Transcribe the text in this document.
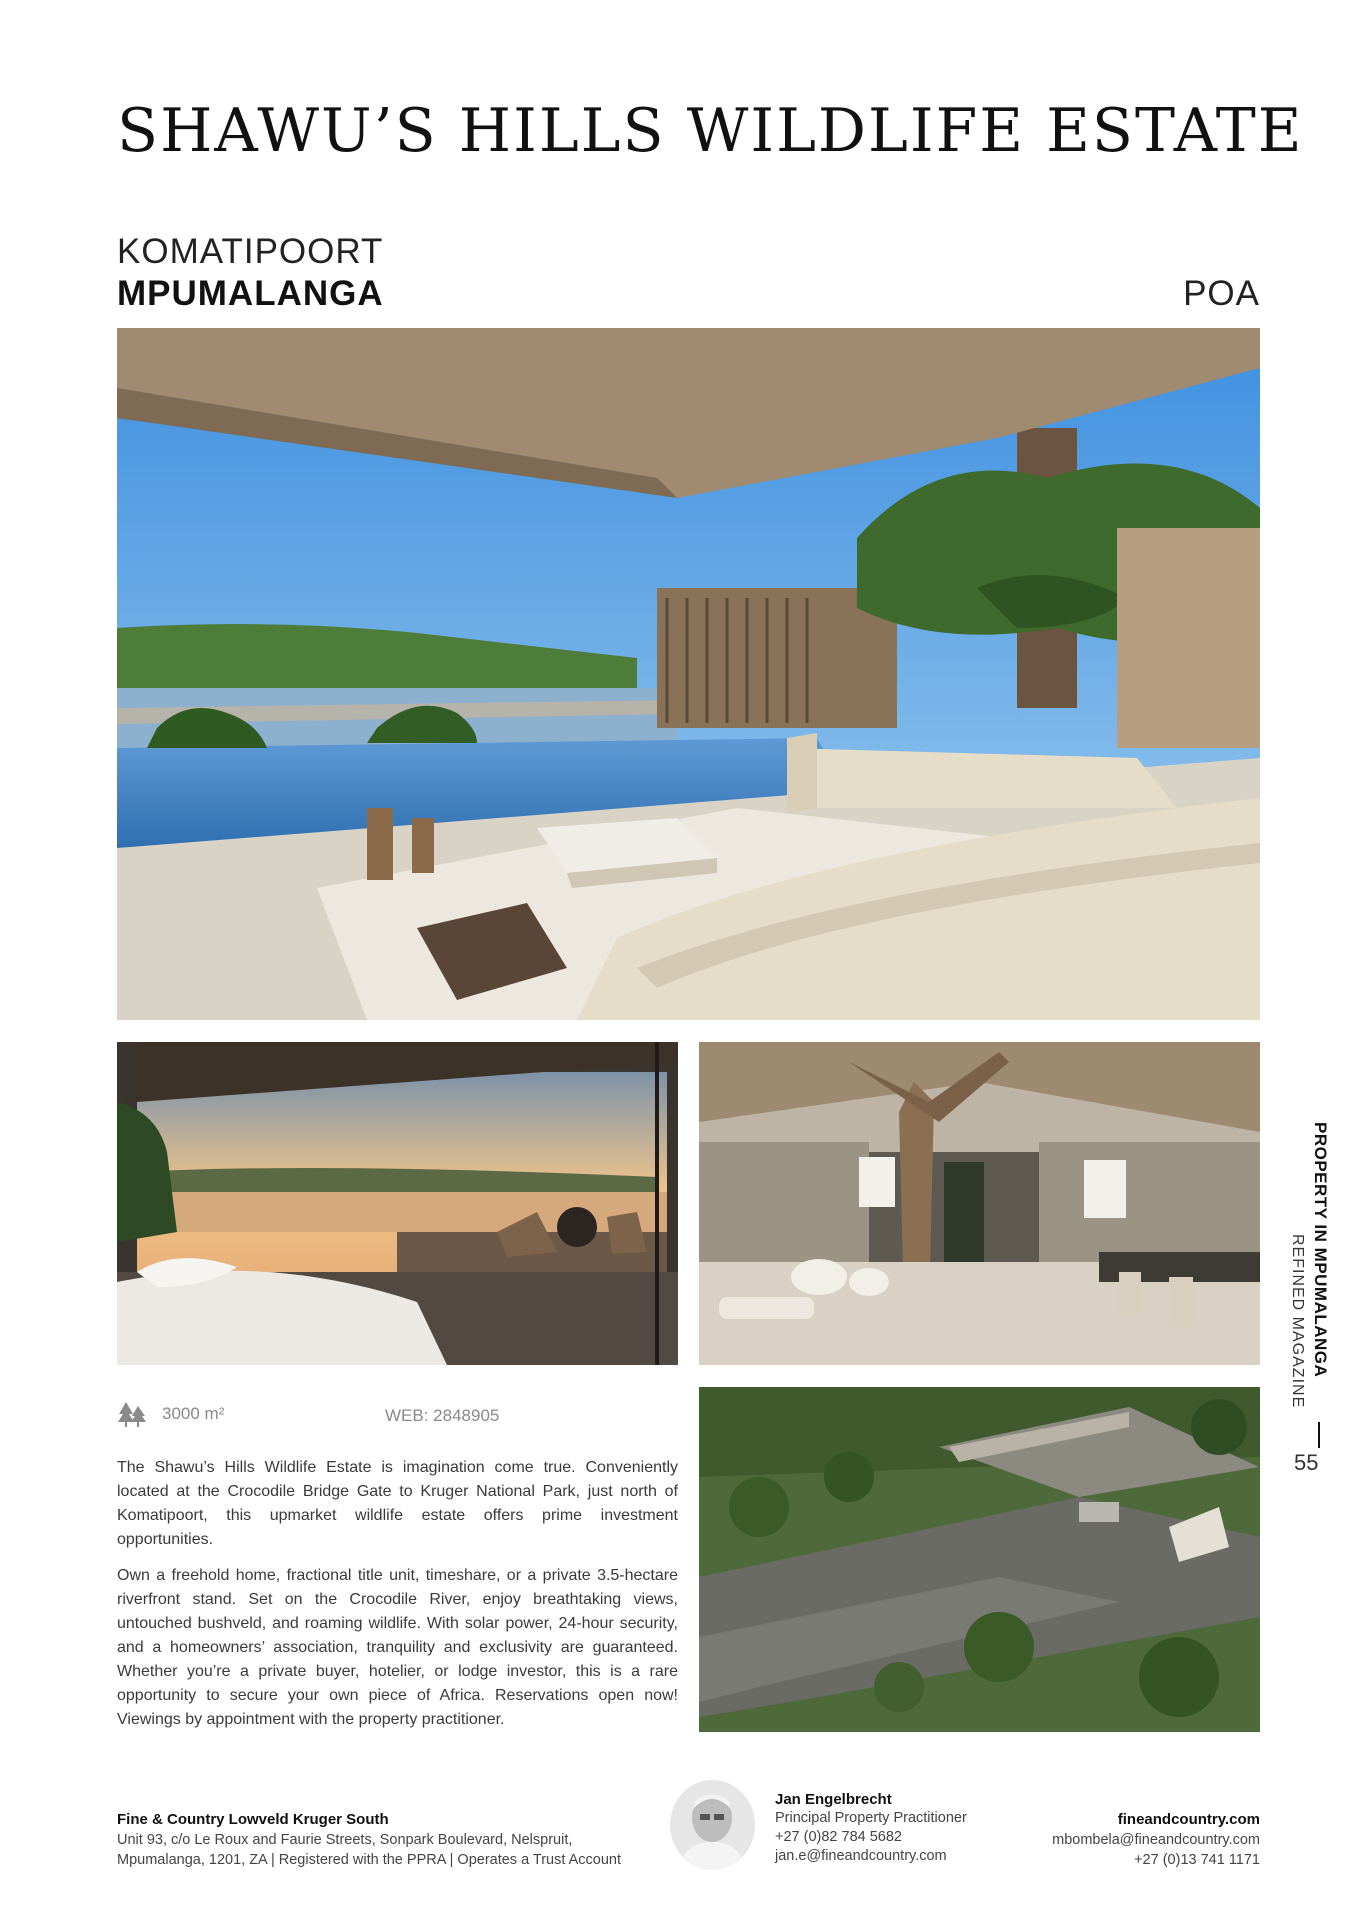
SHAWU’S HILLS WILDLIFE ESTATE
KOMATIPOORT
MPUMALANGA	POA
3000 m²	WEB: 2848905

The Shawu’s Hills Wildlife Estate is imagination come true. Conveniently located at the Crocodile Bridge Gate to Kruger National Park, just north of Komatipoort, this upmarket wildlife estate offers prime investment opportunities.

Own a freehold home, fractional title unit, timeshare, or a private 3.5-hectare riverfront stand. Set on the Crocodile River, enjoy breathtaking views, untouched bushveld, and roaming wildlife. With solar power, 24-hour security, and a homeowners’ association, tranquility and exclusivity are guaranteed. Whether you’re a private buyer, hotelier, or lodge investor, this is a rare opportunity to secure your own piece of Africa. Reservations open now! Viewings by appointment with the property practitioner.

PROPERTY IN MPUMALANGA
REFINED MAGAZINE
55
Fine & Country Lowveld Kruger South
Unit 93, c/o Le Roux and Faurie Streets, Sonpark Boulevard, Nelspruit,
Mpumalanga, 1201, ZA | Registered with the PPRA | Operates a Trust Account
Jan Engelbrecht
Principal Property Practitioner
+27 (0)82 784 5682
jan.e@fineandcountry.com
fineandcountry.com
mbombela@fineandcountry.com
+27 (0)13 741 1171
